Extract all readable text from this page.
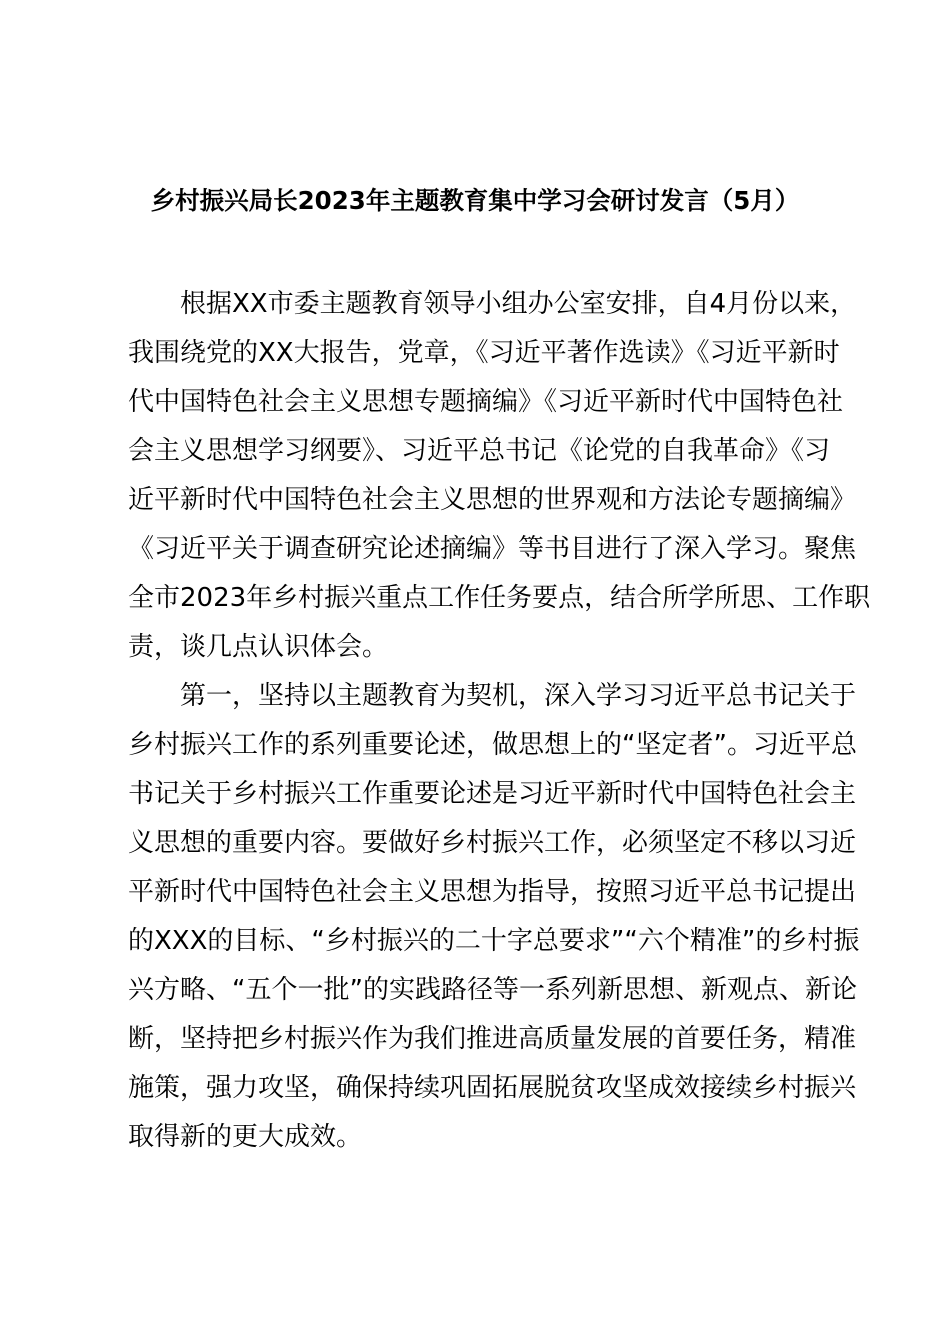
乡村振兴局长2023年主题教育集中学习会研讨发言（5月）
根据XX市委主题教育领导小组办公室安排，自4月份以来，
我围绕党的XX大报告，党章，《习近平著作选读》《习近平新时
代中国特色社会主义思想专题摘编》《习近平新时代中国特色社
会主义思想学习纲要》、习近平总书记《论党的自我革命》《习
近平新时代中国特色社会主义思想的世界观和方法论专题摘编》
《习近平关于调查研究论述摘编》等书目进行了深入学习。聚焦
全市2023年乡村振兴重点工作任务要点，结合所学所思、工作职
责，谈几点认识体会。
第一，坚持以主题教育为契机，深入学习习近平总书记关于
乡村振兴工作的系列重要论述，做思想上的“坚定者”。习近平总
书记关于乡村振兴工作重要论述是习近平新时代中国特色社会主
义思想的重要内容。要做好乡村振兴工作，必须坚定不移以习近
平新时代中国特色社会主义思想为指导，按照习近平总书记提出
的XXX的目标、“乡村振兴的二十字总要求”“六个精准”的乡村振
兴方略、“五个一批”的实践路径等一系列新思想、新观点、新论
断，坚持把乡村振兴作为我们推进高质量发展的首要任务，精准
施策，强力攻坚，确保持续巩固拓展脱贫攻坚成效接续乡村振兴
取得新的更大成效。
